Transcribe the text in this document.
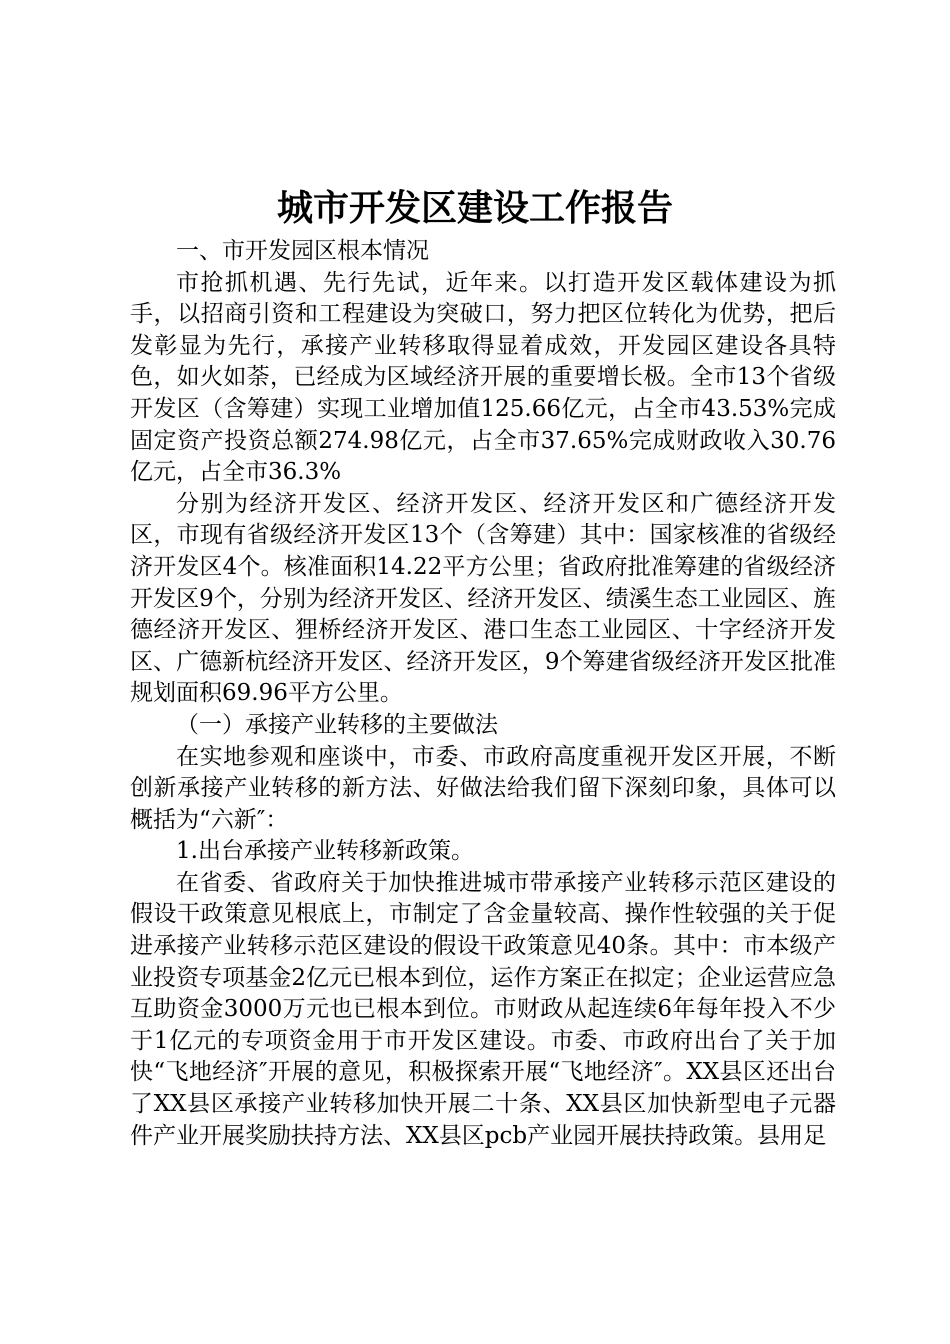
城市开发区建设工作报告

一、市开发园区根本情况

市抢抓机遇、先行先试，近年来。以打造开发区载体建设为抓手，以招商引资和工程建设为突破口，努力把区位转化为优势，把后发彰显为先行，承接产业转移取得显着成效，开发园区建设各具特色，如火如荼，已经成为区域经济开展的重要增长极。全市13个省级开发区（含筹建）实现工业增加值125.66亿元，占全市43.53%完成固定资产投资总额274.98亿元，占全市37.65%完成财政收入30.76亿元，占全市36.3%

分别为经济开发区、经济开发区、经济开发区和广德经济开发区，市现有省级经济开发区13个（含筹建）其中：国家核准的省级经济开发区4个。核准面积14.22平方公里；省政府批准筹建的省级经济开发区9个，分别为经济开发区、经济开发区、绩溪生态工业园区、旌德经济开发区、狸桥经济开发区、港口生态工业园区、十字经济开发区、广德新杭经济开发区、经济开发区，9个筹建省级经济开发区批准规划面积69.96平方公里。

（一）承接产业转移的主要做法

在实地参观和座谈中，市委、市政府高度重视开发区开展，不断创新承接产业转移的新方法、好做法给我们留下深刻印象，具体可以概括为“六新″：

1.出台承接产业转移新政策。

在省委、省政府关于加快推进城市带承接产业转移示范区建设的假设干政策意见根底上，市制定了含金量较高、操作性较强的关于促进承接产业转移示范区建设的假设干政策意见40条。其中：市本级产业投资专项基金2亿元已根本到位，运作方案正在拟定；企业运营应急互助资金3000万元也已根本到位。市财政从起连续6年每年投入不少于1亿元的专项资金用于市开发区建设。市委、市政府出台了关于加快“飞地经济″开展的意见，积极探索开展“飞地经济″。XX县区还出台了XX县区承接产业转移加快开展二十条、XX县区加快新型电子元器件产业开展奖励扶持方法、XX县区pcb产业园开展扶持政策。县用足
